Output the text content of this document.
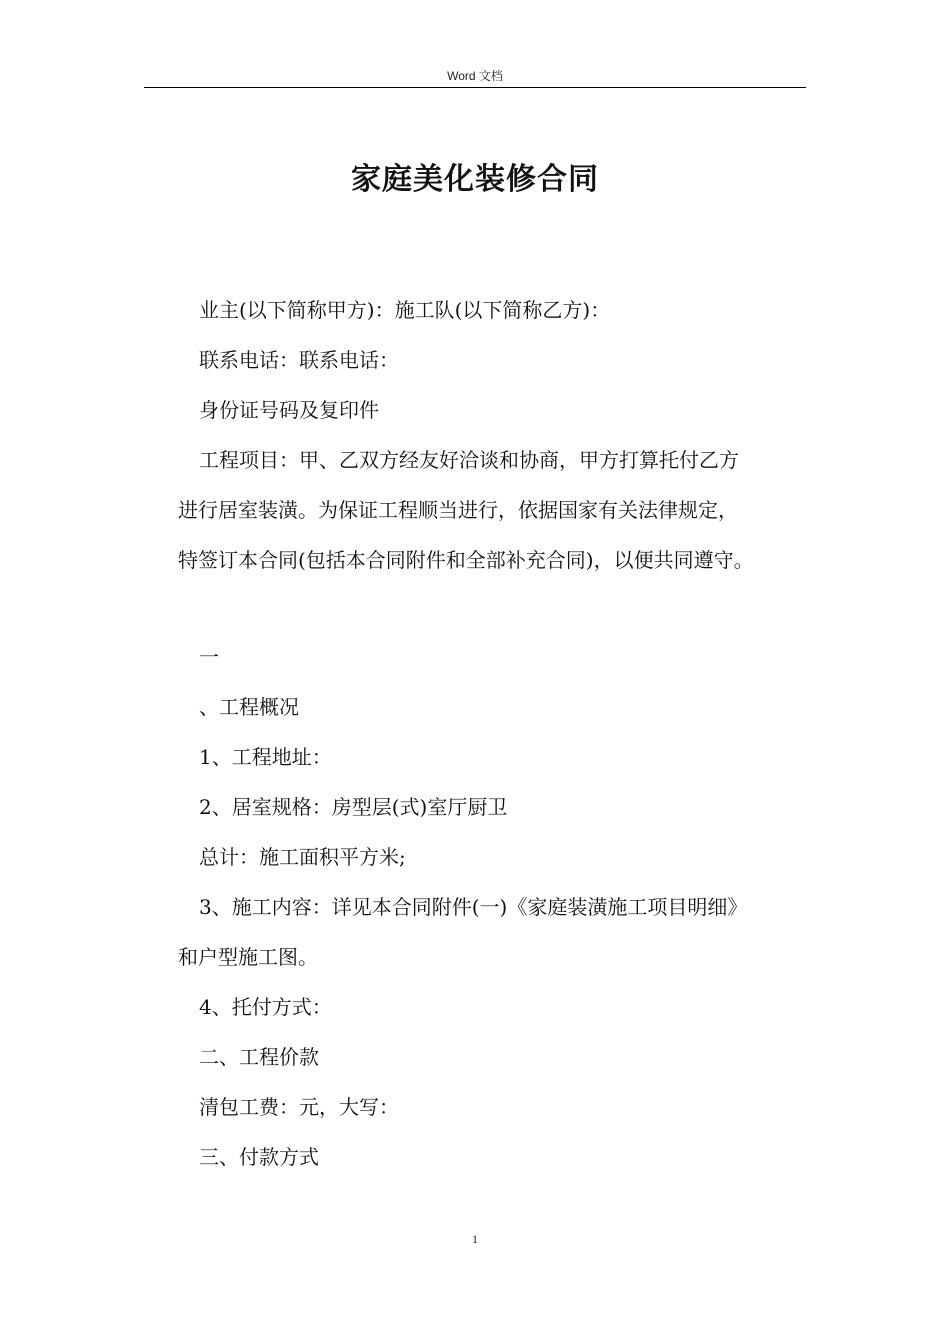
Word 文档
家庭美化装修合同

业主(以下简称甲方)：施工队(以下简称乙方)：

联系电话：联系电话：

身份证号码及复印件

工程项目：甲、乙双方经友好洽谈和协商，甲方打算托付乙方
进行居室装潢。为保证工程顺当进行，依据国家有关法律规定，
特签订本合同(包括本合同附件和全部补充合同)，以便共同遵守。

一

、工程概况

1、工程地址：

2、居室规格：房型层(式)室厅厨卫

总计：施工面积平方米;

3、施工内容：详见本合同附件(一)《家庭装潢施工项目明细》
和户型施工图。

4、托付方式：

二、工程价款

清包工费：元，大写：

三、付款方式

1
